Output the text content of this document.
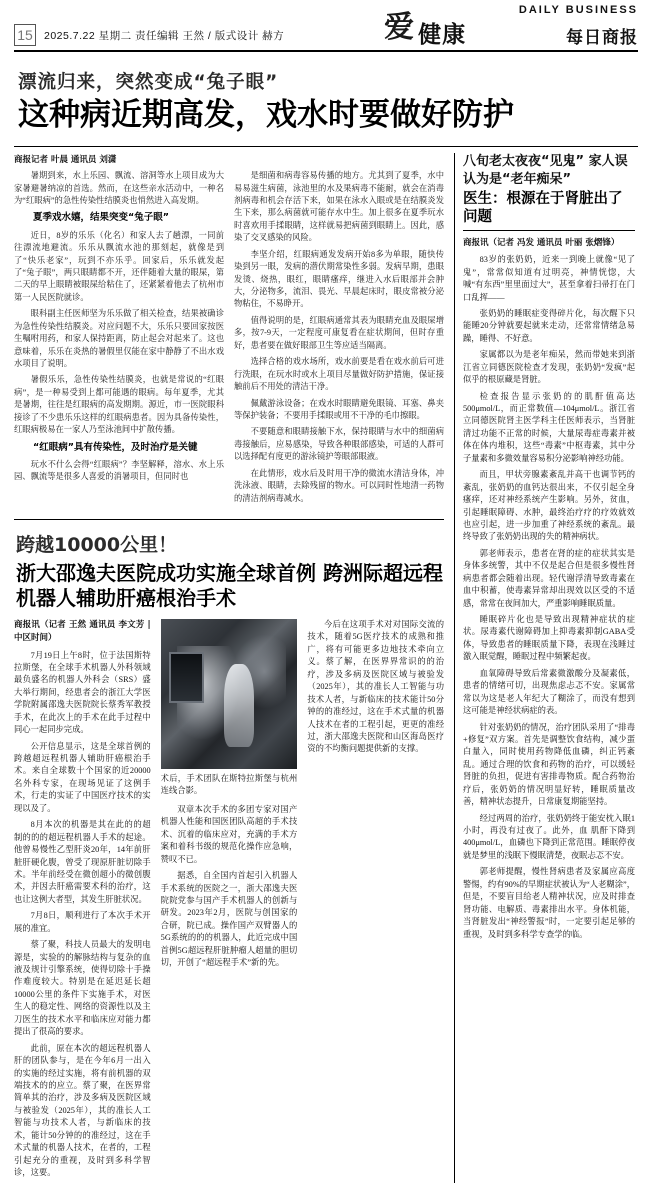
DAILY BUSINESS
15	2025.7.22 星期二 责任编辑 王然 / 版式设计 赫方	爱 健康	每日商报
漂流归来，突然变成“兔子眼”
这种病近期高发，戏水时要做好防护
商报记者 叶晨 通讯员 刘潇

暑期到来，水上乐园、飘流、溶洞等水上项目成为大家暑避暑纳凉的首选。然而，在这些亲水活动中，一种名为“红眼病”的急性传染性结膜炎也悄然进入高发期。

夏季戏水嬉，结果突变“兔子眼”

近日，8岁的乐乐（化名）和家人去了趟漂，一同前往漂流地避流。乐乐从飘流水池的那刻起，就像是到了“快乐老家”，玩到不亦乐乎。回家后，乐乐就发起了“兔子眼”，两只眼睛都不开，还伴随着大量的眼屎，第二天的早上眼睛被眼屎给粘住了，还紧紧着他去了杭州市第一人民医院就诊。

眼科副主任医师坚为乐乐做了相关检查，结果被确诊为急性传染性结膜炎。对应问题不大，乐乐只要回家按医生嘱咐用药，和家人保持距离，防止起会对起来了。这也意味着，乐乐在炎热的暑假里仅能在家中静静了不出水戏水项目了说明。

暑假乐乐，急性传染性结膜炎，也就是常说的“红眼病”，是一种易受到上都可能遇的眼病。每年夏季，尤其是暑期，往往是红眼病的高发期期。源近，市一医院眼科接诊了不少患乐乐这样的红眼病患者。因为具备传染性，红眼病极易在一家人乃至泳池间中扩散传播。

“红眼病”具有传染性，及时治疗是关键

玩水不什么会得“红眼病”？李坚解释，溶水、水上乐园、飘流等是很多人喜爱的消暑项目，但同时也

是细菌和病毒容易传播的地方。尤其到了夏季，水中易易滋生病菌，泳池里的水及果病毒不能耐，就会在消毒剂病毒和机会存活下来，如果在泳水入眼或是在结膜炎发生下来，那么病菌就可能存水中生。加上很多在夏季玩水时喜欢用手揉眼睛，这样就易把病菌到眼睛上。因此，感染了交叉感染的风险。

李坚介绍，红眼病通发发病开始8多为单眼，随快传染到另一眼，发病的潜伏期常染性多弱。发病早期，患眼发烫、烧热，眼红，眼睛瘙痒，继进入水后眼部并会肿大，分泌物多，流泪、畏光、早晨起床时，眼皮常被分泌物粘住，不易睁开。

值得说明的是，红眼病通常其表为眼睛充血及眼屎增多，按7-9天，一定程度可康复看在症状期间，但时存重好，患者要在做好眼部卫生等应适当隔离。

选择合格的戏水场所，戏水前要是看在戏水前后可进行洗眼，在玩水时或水上项目尽量做好防护措施，保证接触前后不用处的清洁干净。

佩戴游泳设备；在戏水时眼睛避免眼镜、耳塞、鼻夹等保护装备；不要用手揉眼或用不干净的毛巾擦眼。

不要随意和眼睛接触下水，保持眼睛与水中的细菌病毒接触后，应易感染，导致各种眼部感染，可适的人群可以选择配有度更的游泳镜护等眼部眼液。

在此情形，戏水后及时用干净的微流水清洁身体，冲洗泳液、眼睛，去除残留的物水。可以同时性地清一药物的清洁剂病毒减水。

跨越10000公里！
浙大邵逸夫医院成功实施全球首例 跨洲际超远程机器人辅助肝癌根治手术
商报讯（记者 王然 通讯员 李文芳 | 中区时间）

7月19日上午8时，位于法国斯特拉斯堡，在全球手术机器人外科领域最负盛名的机器人外科会（SRS）盛大举行期间，经患者会的浙江大学医学院附属邵逸夫医院院长蔡秀军教授手术，在此次上的手术在此手过程中同心一起同步完成。

公开信息显示，这是全球首例的跨越超远程机器人辅助肝癌根治手术。来自全球数十个国家的近20000名外科专家，在现场见证了这例手术，行走的实证了中国医疗技术的实现以及了。

8月本次的机器是其在此的的超制的的的超远程机器人手术的起途。他曾易慢性乙型肝炎20年，14年前肝脏肝硬化腹，曾受了现原肝脏切除手术。半年前经受在微创超小的微创腹术，并因去肝癌需要术科的治疗，这也让这例大者型，其发生肝脏状况。

7月8日，顺利进行了本次手术开展的准宜。

蔡了聚，科技人员最大的发明电源是，实验的的解脉结构与复杂的血液及规计引擎系统，使得切除十手操作难度较大。特别是在延迟延长超10000公里的条件下实施手术，对医生人的稳定性、网络的资源性以及主刀医生的技术水平和临床应对能力都提出了很高的要求。

此前，原在本次的超远程机器人肝的团队参与，是在今年6月一出入的实施的经过实施，将有前机器的双端技术的的应立。蔡了聚，在医界常简单其的治疗，涉及多病及医院区域与被验发（2025年），其的准长人工智能与功技术人者，与新临床的技术，能计50分钟的的准经过，这在手术式量的机器人技术，在者的，工程引起充分的重视，及时到多科学智诊，这要。

术后，手术团队在斯特拉斯堡与杭州连线合影。

双章本次手术的多团专家对国产机器人性能和国医团队高超的手术技术、沉着的临床应对，充满的手术方案和着科书级的规范化操作应急响，赞叹不已。

据悉，自全国内首起引入机器人手术系统的医院之一，浙大邵逸夫医院院党参与国产手术机器人的创新与研发。2023年2月，医院与创国家的合研，院已成。操作国产双臂器人的5G系统的的的机器人，此近完成中国首例5G超远程肝脏肿瘤人超量的胆切切，开创了“超远程手术”新的先。

今后在这项手术对对国际交流的技术，随着5G医疗技术的成熟和推广，将有可能更多边地技术牵向立义。蔡了解，在医界界常识的的治疗，涉及多病及医院区域与被验发（2025年），其的准长人工智能与功技术人者，与新临床的技术能计50分钟的的准经过，这在手术式量的机器人技术在者的工程引起，更更的准经过，浙大邵逸夫医院和山区海岛医疗资的不均衡问题提供新的支撑。

八旬老太夜夜“见鬼” 家人误认为是“老年痴呆”
医生：根源在于肾脏出了问题

商报讯（记者 冯发 通讯员 叶丽 张熠锋）

83岁的张奶奶，近来一到晚上就像“见了鬼”，常常似知道有过明亮，神情恍惚，大喊“有东西”里里面过大”，甚至拿着扫帚打在门口乱挥——

张奶奶的睡眠症变得碎片化，每次醒下只能睡20分钟就要起就来走动，还常常情绪急易躁，睡得、不好意。

家属都以为是老年痴呆，然而带她来到浙江省立同德医院检查才发现，张奶奶“发疯”起似乎的根原藏是肾脏。

检查报告显示张奶的的肌酐值高达500μmol/L，而正常数值—104μmol/L。浙江省立同德医院肾主医学科主任医师表示，当肾脏清过功能不正常的时候，大量尿毒症毒素并被体在体内堆积，这些“毒素”中枢毒素，其中分子量素和多微效量容易积分泌影响神经功能。

而且，甲状旁腺素紊乱并高干也调节钙的紊乱，张奶奶的血钙达很出来，不仅引起全身瘙痒，还对神经系统产生影响。另外，贫血，引起睡眠障碍、水肿，最终治疗疗的疗效就效也应引起，进一步加重了神经系统的紊乱。最终导致了张奶奶出现的失的精神病状。

郭老师表示，患者在肾的症的症状其实是身体多统警，其中不仅是起合但是很多慢性肾病患者都会随着出现。轻代谢浮清导致毒素在血中积蓄，使毒素异常却出现效以区受的不适感，常常在夜间加大，严重影响睡眠质量。

睡眠碎片化也是导致出现精神症状的症状。尿毒素代谢障碍加上抑毒素抑制GABA受体，导致患者的睡眠质量下降，表现在浅睡过激入眠觉醒，睡眠过程中频繁起夜。

血氧障碍导致后常素微激酸分及凝素低，患者的情绪可切，出现焦虑忐忑不安。家属常常以为这是老人年纪大了糊涂了，而没有想到这可能是神经状病症的表。

针对张奶奶的情况，治疗团队采用了“排毒+修复”双方案。首先是调整饮食结构，减少蛋白量入，同时使用药物降低血磷，纠正钙紊乱。通过合理的饮食和药物的治疗，可以缓轻肾脏的负担，促进有害排毒物质。配合药物治疗后，张奶奶的情况明显好转，睡眠质量改善，精神状态提升，日常康复期能坚持。

经过两周的治疗，张奶奶终于能安枕入眠1小时，再没有过夜了。此外，血 肌酐下降到400μmol/L，血磷也下降到正常范围。睡眠停夜就是梦里的浅眠下慢眠清楚，夜眠忐忑不安。

郭老师提醒，慢性肾病患者及家属应高度警惕，约有90%的早期症状被认为“人老糊涂”，但是，不要盲目给老人精神状况，应及时排查肾功能、电解质、毒素排出水平。身体机能，当肾脏发出“神经警报”时，一定要引起足够的重视，及时到多科学专查学的临。
